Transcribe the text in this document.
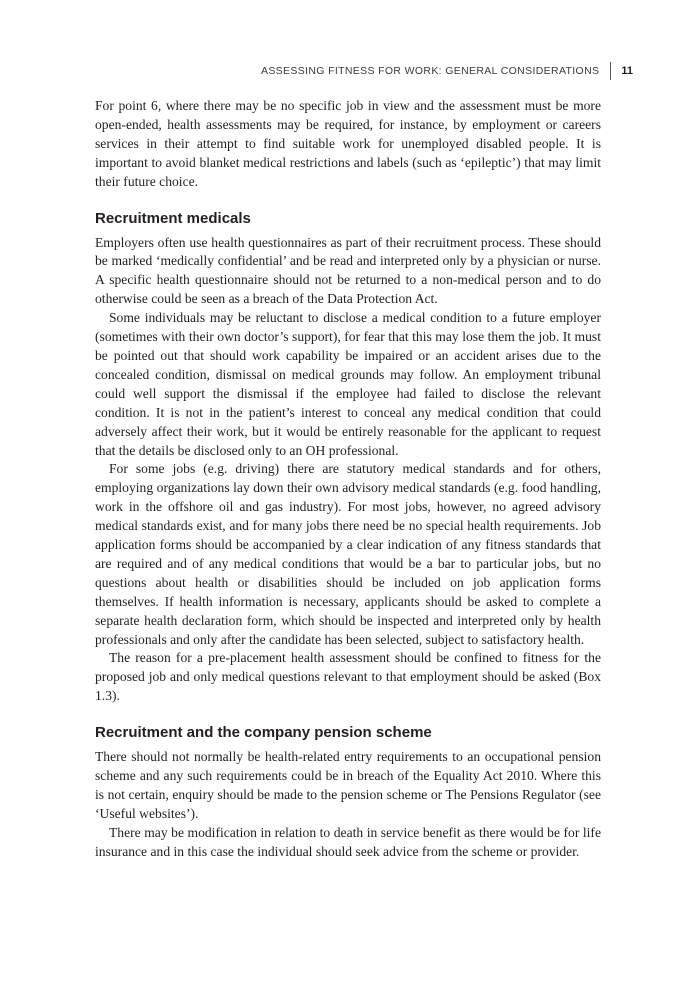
ASSESSING FITNESS FOR WORK: GENERAL CONSIDERATIONS 11

For point 6, where there may be no specific job in view and the assessment must be more open-ended, health assessments may be required, for instance, by employment or careers services in their attempt to find suitable work for unemployed disabled people. It is important to avoid blanket medical restrictions and labels (such as ‘epileptic’) that may limit their future choice.

Recruitment medicals

Employers often use health questionnaires as part of their recruitment process. These should be marked ‘medically confidential’ and be read and interpreted only by a physician or nurse. A specific health questionnaire should not be returned to a non-medical person and to do otherwise could be seen as a breach of the Data Protection Act.

Some individuals may be reluctant to disclose a medical condition to a future employer (sometimes with their own doctor’s support), for fear that this may lose them the job. It must be pointed out that should work capability be impaired or an accident arises due to the concealed condition, dismissal on medical grounds may follow. An employment tribunal could well support the dismissal if the employee had failed to disclose the relevant condition. It is not in the patient’s interest to conceal any medical condition that could adversely affect their work, but it would be entirely reasonable for the applicant to request that the details be disclosed only to an OH professional.

For some jobs (e.g. driving) there are statutory medical standards and for others, employing organizations lay down their own advisory medical standards (e.g. food handling, work in the offshore oil and gas industry). For most jobs, however, no agreed advisory medical standards exist, and for many jobs there need be no special health requirements. Job application forms should be accompanied by a clear indication of any fitness standards that are required and of any medical conditions that would be a bar to particular jobs, but no questions about health or disabilities should be included on job application forms themselves. If health information is necessary, applicants should be asked to complete a separate health declaration form, which should be inspected and interpreted only by health professionals and only after the candidate has been selected, subject to satisfactory health.

The reason for a pre-placement health assessment should be confined to fitness for the proposed job and only medical questions relevant to that employment should be asked (Box 1.3).

Recruitment and the company pension scheme

There should not normally be health-related entry requirements to an occupational pension scheme and any such requirements could be in breach of the Equality Act 2010. Where this is not certain, enquiry should be made to the pension scheme or The Pensions Regulator (see ‘Useful websites’).

There may be modification in relation to death in service benefit as there would be for life insurance and in this case the individual should seek advice from the scheme or provider.
